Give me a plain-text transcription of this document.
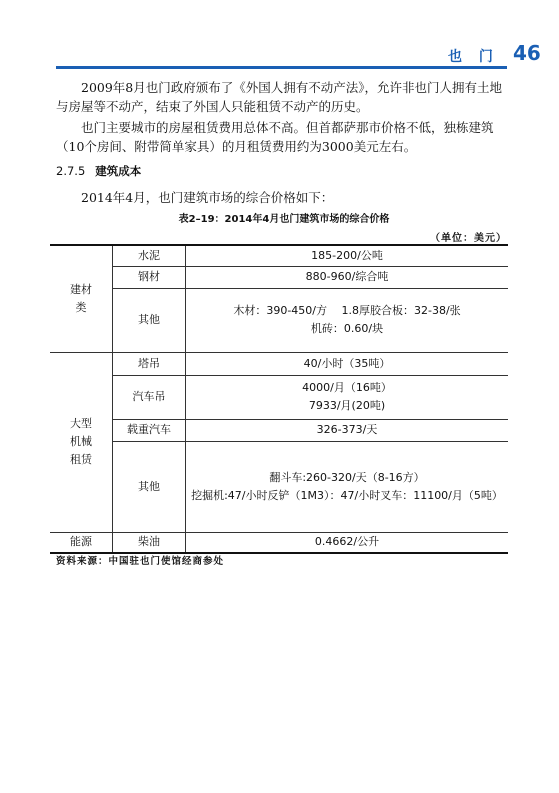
也 门 46

2009年8月也门政府颁布了《外国人拥有不动产法》，允许非也门人拥有土地与房屋等不动产，结束了外国人只能租赁不动产的历史。

也门主要城市的房屋租赁费用总体不高。但首都萨那市价格不低，独栋建筑（10个房间、附带简单家具）的月租赁费用约为3000美元左右。

2.7.5 建筑成本

2014年4月，也门建筑市场的综合价格如下：

表2–19：2014年4月也门建筑市场的综合价格
（单位：美元）
建材
类	水泥	185-200/公吨

	钢材	880-960/综合吨

	其他	木材：390-450/方　 1.8厚胶合板：32-38/张
机砖：0.60/块

大型
机械
租赁	塔吊	40/小时（35吨）

	汽车吊	4000/月（16吨）
7933/月(20吨)

	载重汽车	326-373/天

	其他	翻斗车:260-320/天（8-16方）
挖掘机:47/小时反铲（1M3）：47/小时叉车：11100/月（5吨）

能源	柴油	0.4662/公升
资料来源：中国驻也门使馆经商参处
